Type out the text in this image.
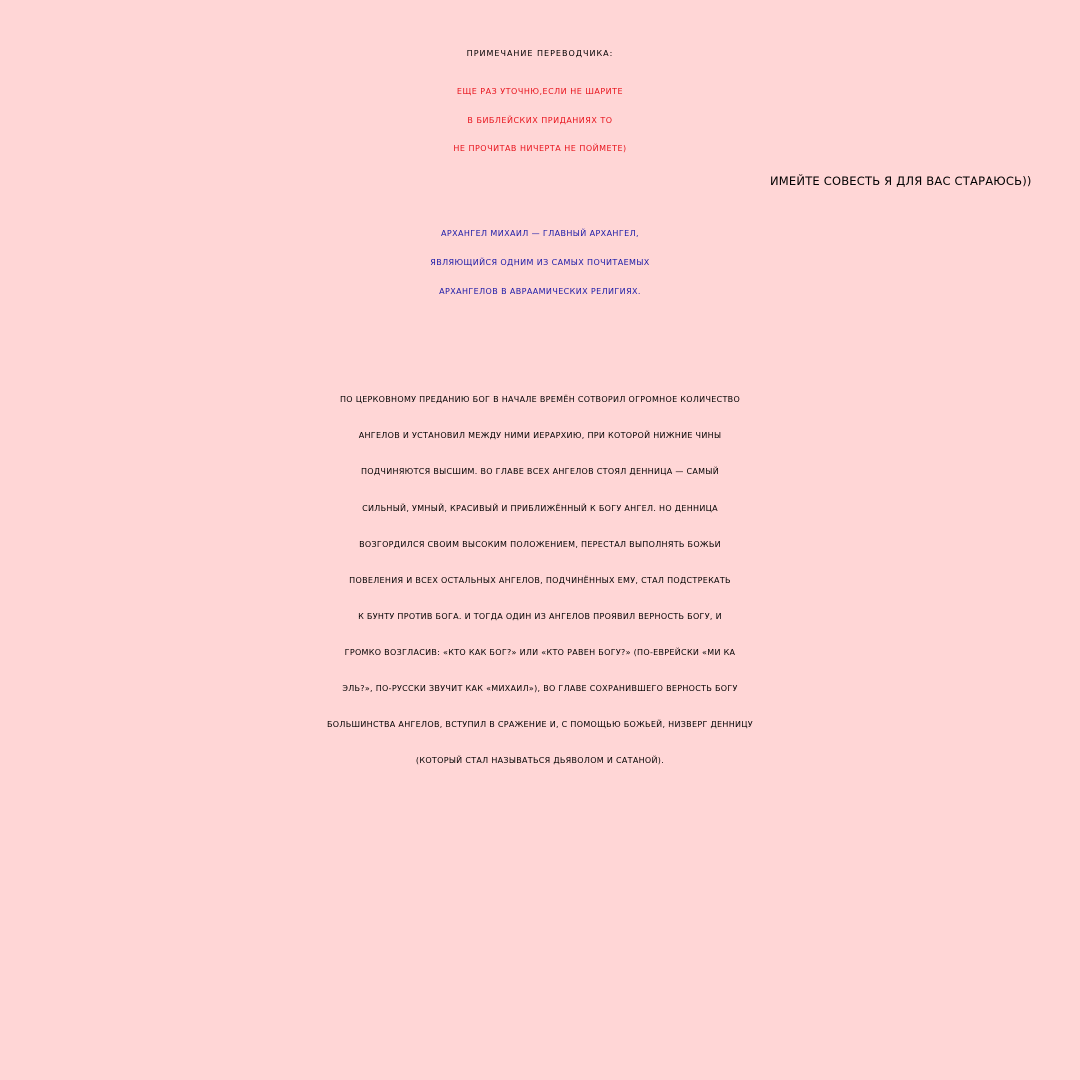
ПРИМЕЧАНИЕ ПЕРЕВОДЧИКА:
ЕЩЕ РАЗ УТОЧНЮ,ЕСЛИ НЕ ШАРИТЕ
В БИБЛЕЙСКИХ ПРИДАНИЯХ ТО
НЕ ПРОЧИТАВ НИЧЕРТА НЕ ПОЙМЕТЕ)
ИМЕЙТЕ СОВЕСТЬ Я ДЛЯ ВАС СТАРАЮСЬ))
АРХАНГЕЛ МИХАИЛ — ГЛАВНЫЙ АРХАНГЕЛ,
ЯВЛЯЮЩИЙСЯ ОДНИМ ИЗ САМЫХ ПОЧИТАЕМЫХ
АРХАНГЕЛОВ В АВРААМИЧЕСКИХ РЕЛИГИЯХ.
ПО ЦЕРКОВНОМУ ПРЕДАНИЮ БОГ В НАЧАЛЕ ВРЕМЁН СОТВОРИЛ ОГРОМНОЕ КОЛИЧЕСТВО
АНГЕЛОВ И УСТАНОВИЛ МЕЖДУ НИМИ ИЕРАРХИЮ, ПРИ КОТОРОЙ НИЖНИЕ ЧИНЫ
ПОДЧИНЯЮТСЯ ВЫСШИМ. ВО ГЛАВЕ ВСЕХ АНГЕЛОВ СТОЯЛ ДЕННИЦА — САМЫЙ
СИЛЬНЫЙ, УМНЫЙ, КРАСИВЫЙ И ПРИБЛИЖЁННЫЙ К БОГУ АНГЕЛ. НО ДЕННИЦА
ВОЗГОРДИЛСЯ СВОИМ ВЫСОКИМ ПОЛОЖЕНИЕМ, ПЕРЕСТАЛ ВЫПОЛНЯТЬ БОЖЬИ
ПОВЕЛЕНИЯ И ВСЕХ ОСТАЛЬНЫХ АНГЕЛОВ, ПОДЧИНЁННЫХ ЕМУ, СТАЛ ПОДСТРЕКАТЬ
К БУНТУ ПРОТИВ БОГА. И ТОГДА ОДИН ИЗ АНГЕЛОВ ПРОЯВИЛ ВЕРНОСТЬ БОГУ, И
ГРОМКО ВОЗГЛАСИВ: «КТО КАК БОГ?» ИЛИ «КТО РАВЕН БОГУ?» (ПО-ЕВРЕЙСКИ «МИ КА
ЭЛЬ?», ПО-РУССКИ ЗВУЧИТ КАК «МИХАИЛ»), ВО ГЛАВЕ СОХРАНИВШЕГО ВЕРНОСТЬ БОГУ
БОЛЬШИНСТВА АНГЕЛОВ, ВСТУПИЛ В СРАЖЕНИЕ И, С ПОМОЩЬЮ БОЖЬЕЙ, НИЗВЕРГ ДЕННИЦУ
(КОТОРЫЙ СТАЛ НАЗЫВАТЬСЯ ДЬЯВОЛОМ И САТАНОЙ).
